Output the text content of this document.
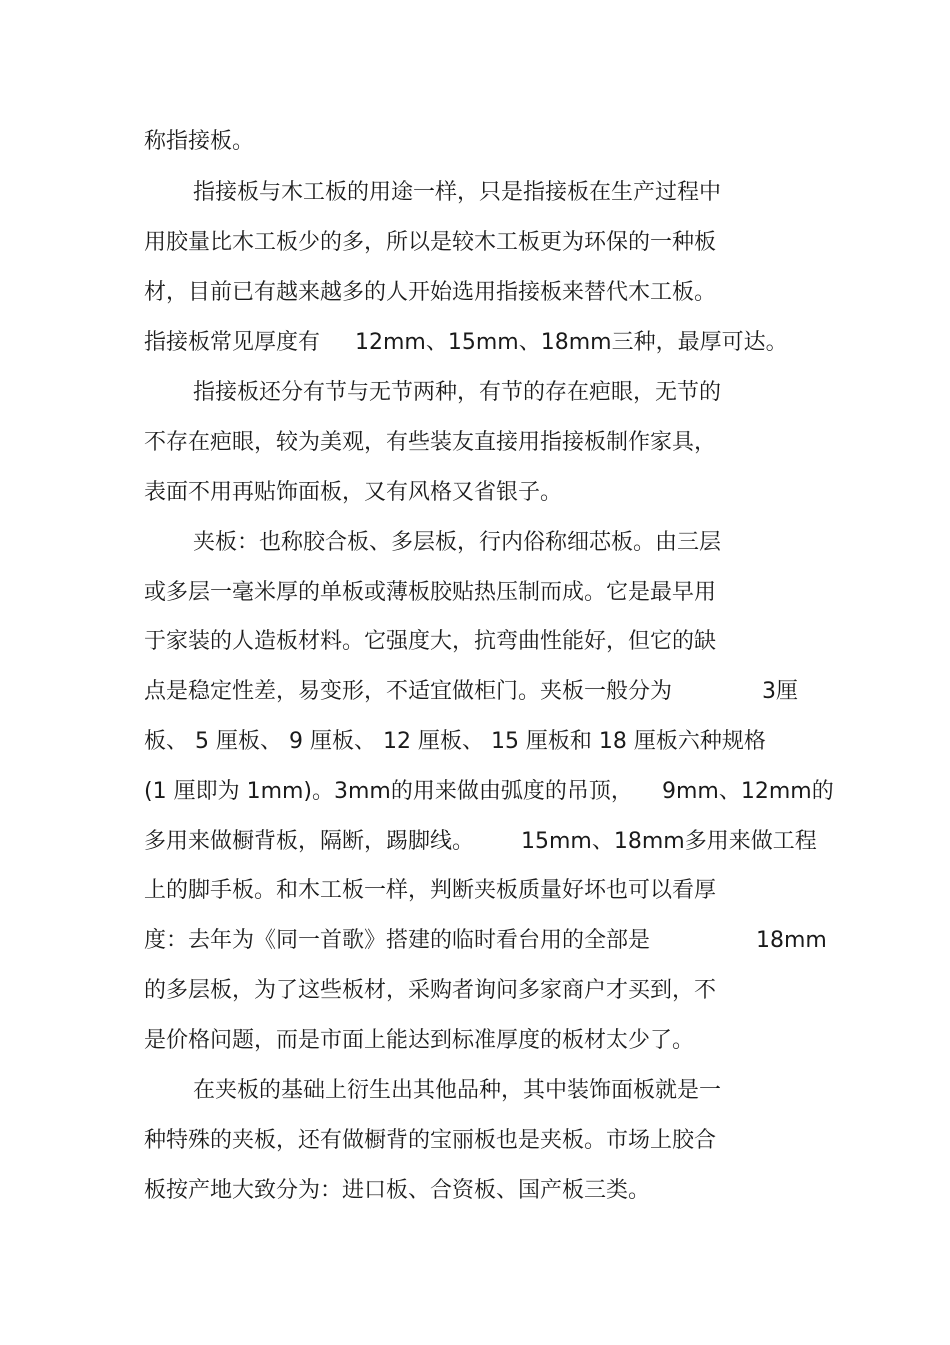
称指接板。
指接板与木工板的用途一样，只是指接板在生产过程中
用胶量比木工板少的多，所以是较木工板更为环保的一种板
材，目前已有越来越多的人开始选用指接板来替代木工板。
指接板常见厚度有 12mm、15mm、18mm三种，最厚可达。
指接板还分有节与无节两种，有节的存在疤眼，无节的
不存在疤眼，较为美观，有些装友直接用指接板制作家具，
表面不用再贴饰面板，又有风格又省银子。
夹板：也称胶合板、多层板，行内俗称细芯板。由三层
或多层一毫米厚的单板或薄板胶贴热压制而成。它是最早用
于家装的人造板材料。它强度大，抗弯曲性能好，但它的缺
点是稳定性差，易变形，不适宜做柜门。夹板一般分为	3厘
板、 5 厘板、 9 厘板、 12 厘板、 15 厘板和 18 厘板六种规格
(1 厘即为 1mm)。3mm的用来做由弧度的吊顶， 9mm、12mm的
多用来做橱背板，隔断，踢脚线。 15mm、18mm多用来做工程
上的脚手板。和木工板一样，判断夹板质量好坏也可以看厚
度：去年为《同一首歌》搭建的临时看台用的全部是	18mm
的多层板，为了这些板材，采购者询问多家商户才买到，不
是价格问题，而是市面上能达到标准厚度的板材太少了。
在夹板的基础上衍生出其他品种，其中装饰面板就是一
种特殊的夹板，还有做橱背的宝丽板也是夹板。市场上胶合
板按产地大致分为：进口板、合资板、国产板三类。
